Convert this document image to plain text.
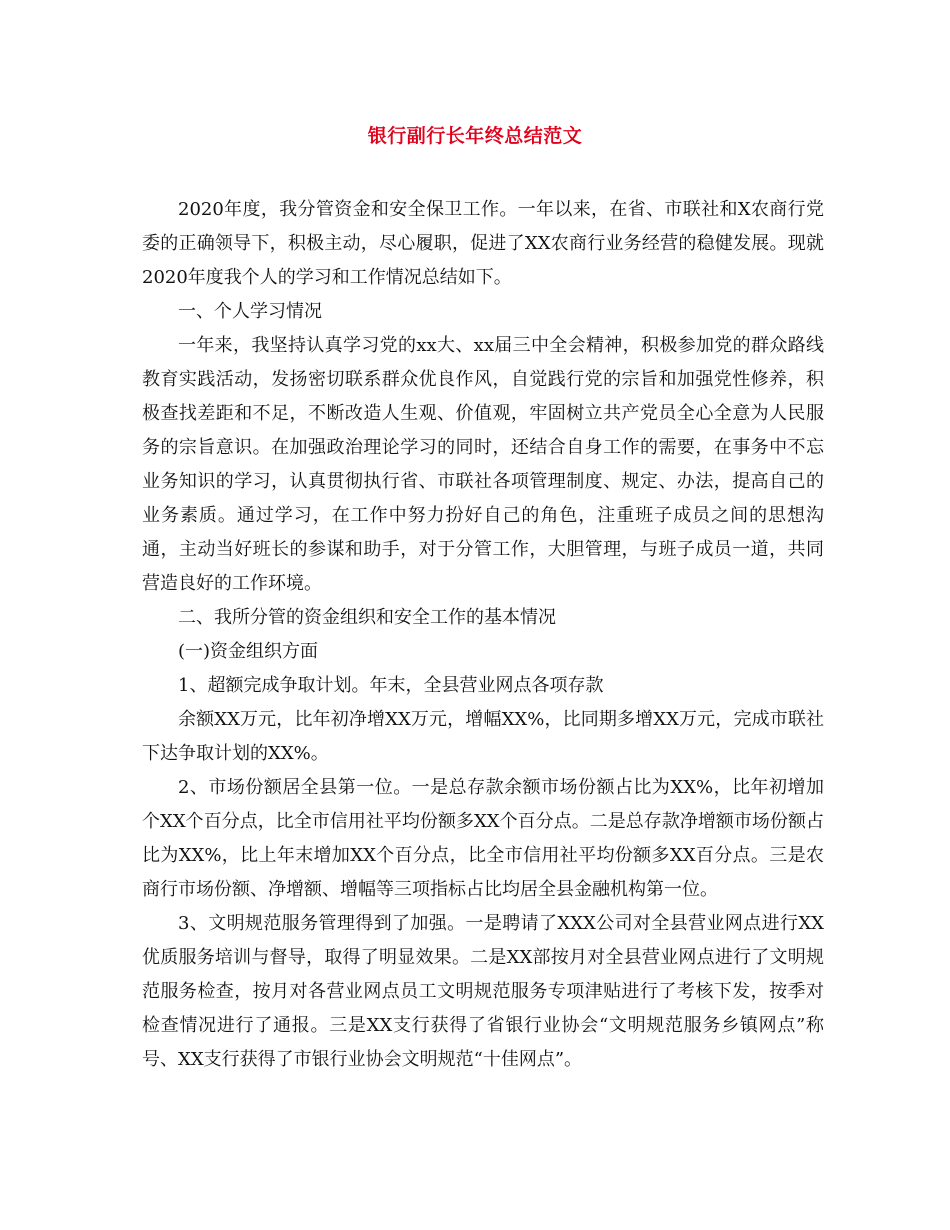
银行副行长年终总结范文

2020年度，我分管资金和安全保卫工作。一年以来，在省、市联社和X农商行党委的正确领导下，积极主动，尽心履职，促进了XX农商行业务经营的稳健发展。现就2020年度我个人的学习和工作情况总结如下。

一、个人学习情况

一年来，我坚持认真学习党的xx大、xx届三中全会精神，积极参加党的群众路线教育实践活动，发扬密切联系群众优良作风，自觉践行党的宗旨和加强党性修养，积极查找差距和不足，不断改造人生观、价值观，牢固树立共产党员全心全意为人民服务的宗旨意识。在加强政治理论学习的同时，还结合自身工作的需要，在事务中不忘业务知识的学习，认真贯彻执行省、市联社各项管理制度、规定、办法，提高自己的业务素质。通过学习，在工作中努力扮好自己的角色，注重班子成员之间的思想沟通，主动当好班长的参谋和助手，对于分管工作，大胆管理，与班子成员一道，共同营造良好的工作环境。

二、我所分管的资金组织和安全工作的基本情况

(一)资金组织方面

1、超额完成争取计划。年末，全县营业网点各项存款

余额XX万元，比年初净增XX万元，增幅XX%，比同期多增XX万元，完成市联社下达争取计划的XX%。

2、市场份额居全县第一位。一是总存款余额市场份额占比为XX%，比年初增加个XX个百分点，比全市信用社平均份额多XX个百分点。二是总存款净增额市场份额占比为XX%，比上年末增加XX个百分点，比全市信用社平均份额多XX百分点。三是农商行市场份额、净增额、增幅等三项指标占比均居全县金融机构第一位。

3、文明规范服务管理得到了加强。一是聘请了XXX公司对全县营业网点进行XX优质服务培训与督导，取得了明显效果。二是XX部按月对全县营业网点进行了文明规范服务检查，按月对各营业网点员工文明规范服务专项津贴进行了考核下发，按季对检查情况进行了通报。三是XX支行获得了省银行业协会“文明规范服务乡镇网点”称号、XX支行获得了市银行业协会文明规范“十佳网点”。
